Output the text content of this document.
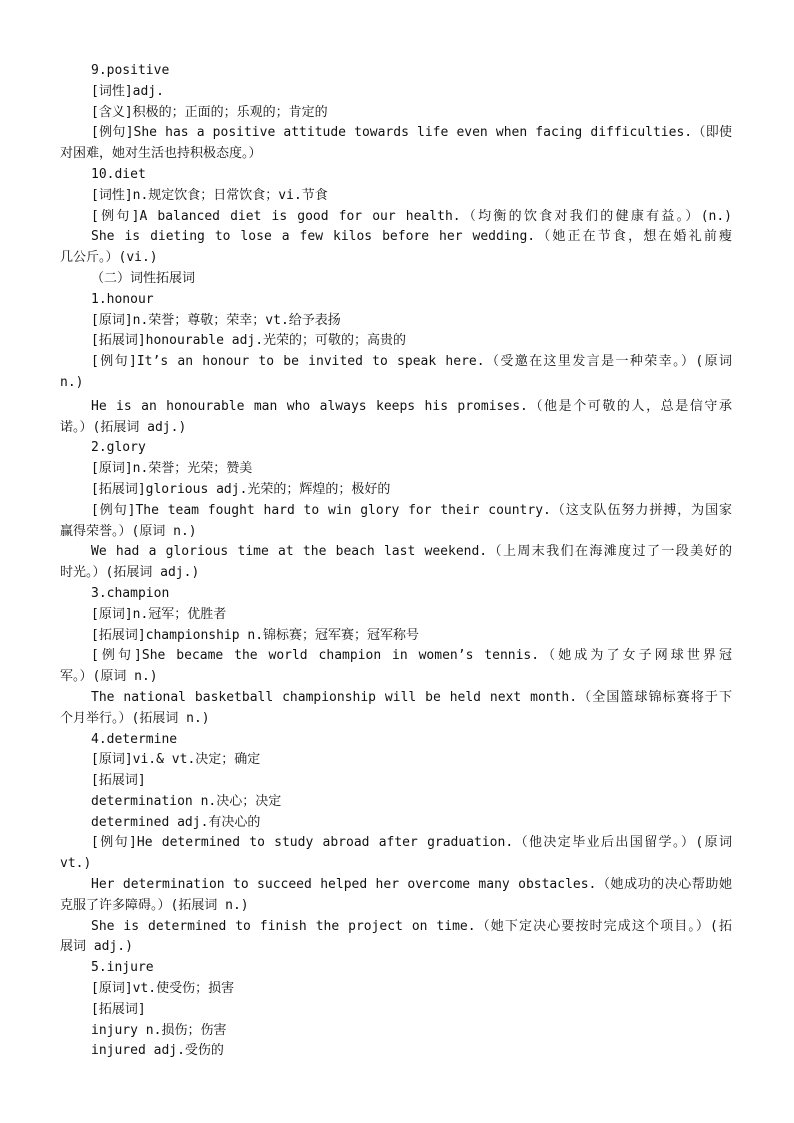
9.positive
[词性]adj.
[含义]积极的；正面的；乐观的；肯定的
[例句]She has a positive attitude towards life even when facing difficulties.（即使
对困难，她对生活也持积极态度。）
10.diet
[词性]n.规定饮食；日常饮食；vi.节食
[例句]A balanced diet is good for our health.（均衡的饮食对我们的健康有益。）(n.)
She is dieting to lose a few kilos before her wedding.（她正在节食，想在婚礼前瘦
几公斤。）(vi.)
（二）词性拓展词
1.honour
[原词]n.荣誉；尊敬；荣幸；vt.给予表扬
[拓展词]honourable adj.光荣的；可敬的；高贵的
[例句]It’s an honour to be invited to speak here.（受邀在这里发言是一种荣幸。）(原词
n.)
He is an honourable man who always keeps his promises.（他是个可敬的人，总是信守承
诺。）(拓展词 adj.)
2.glory
[原词]n.荣誉；光荣；赞美
[拓展词]glorious adj.光荣的；辉煌的；极好的
[例句]The team fought hard to win glory for their country.（这支队伍努力拼搏，为国家
赢得荣誉。）(原词 n.)
We had a glorious time at the beach last weekend.（上周末我们在海滩度过了一段美好的
时光。）(拓展词 adj.)
3.champion
[原词]n.冠军；优胜者
[拓展词]championship n.锦标赛；冠军赛；冠军称号
[例句]She became the world champion in women’s tennis.（她成为了女子网球世界冠
军。）(原词 n.)
The national basketball championship will be held next month.（全国篮球锦标赛将于下
个月举行。）(拓展词 n.)
4.determine
[原词]vi.& vt.决定；确定
[拓展词]
determination n.决心；决定
determined adj.有决心的
[例句]He determined to study abroad after graduation.（他决定毕业后出国留学。）(原词
vt.)
Her determination to succeed helped her overcome many obstacles.（她成功的决心帮助她
克服了许多障碍。）(拓展词 n.)
She is determined to finish the project on time.（她下定决心要按时完成这个项目。）(拓
展词 adj.)
5.injure
[原词]vt.使受伤；损害
[拓展词]
injury n.损伤；伤害
injured adj.受伤的
